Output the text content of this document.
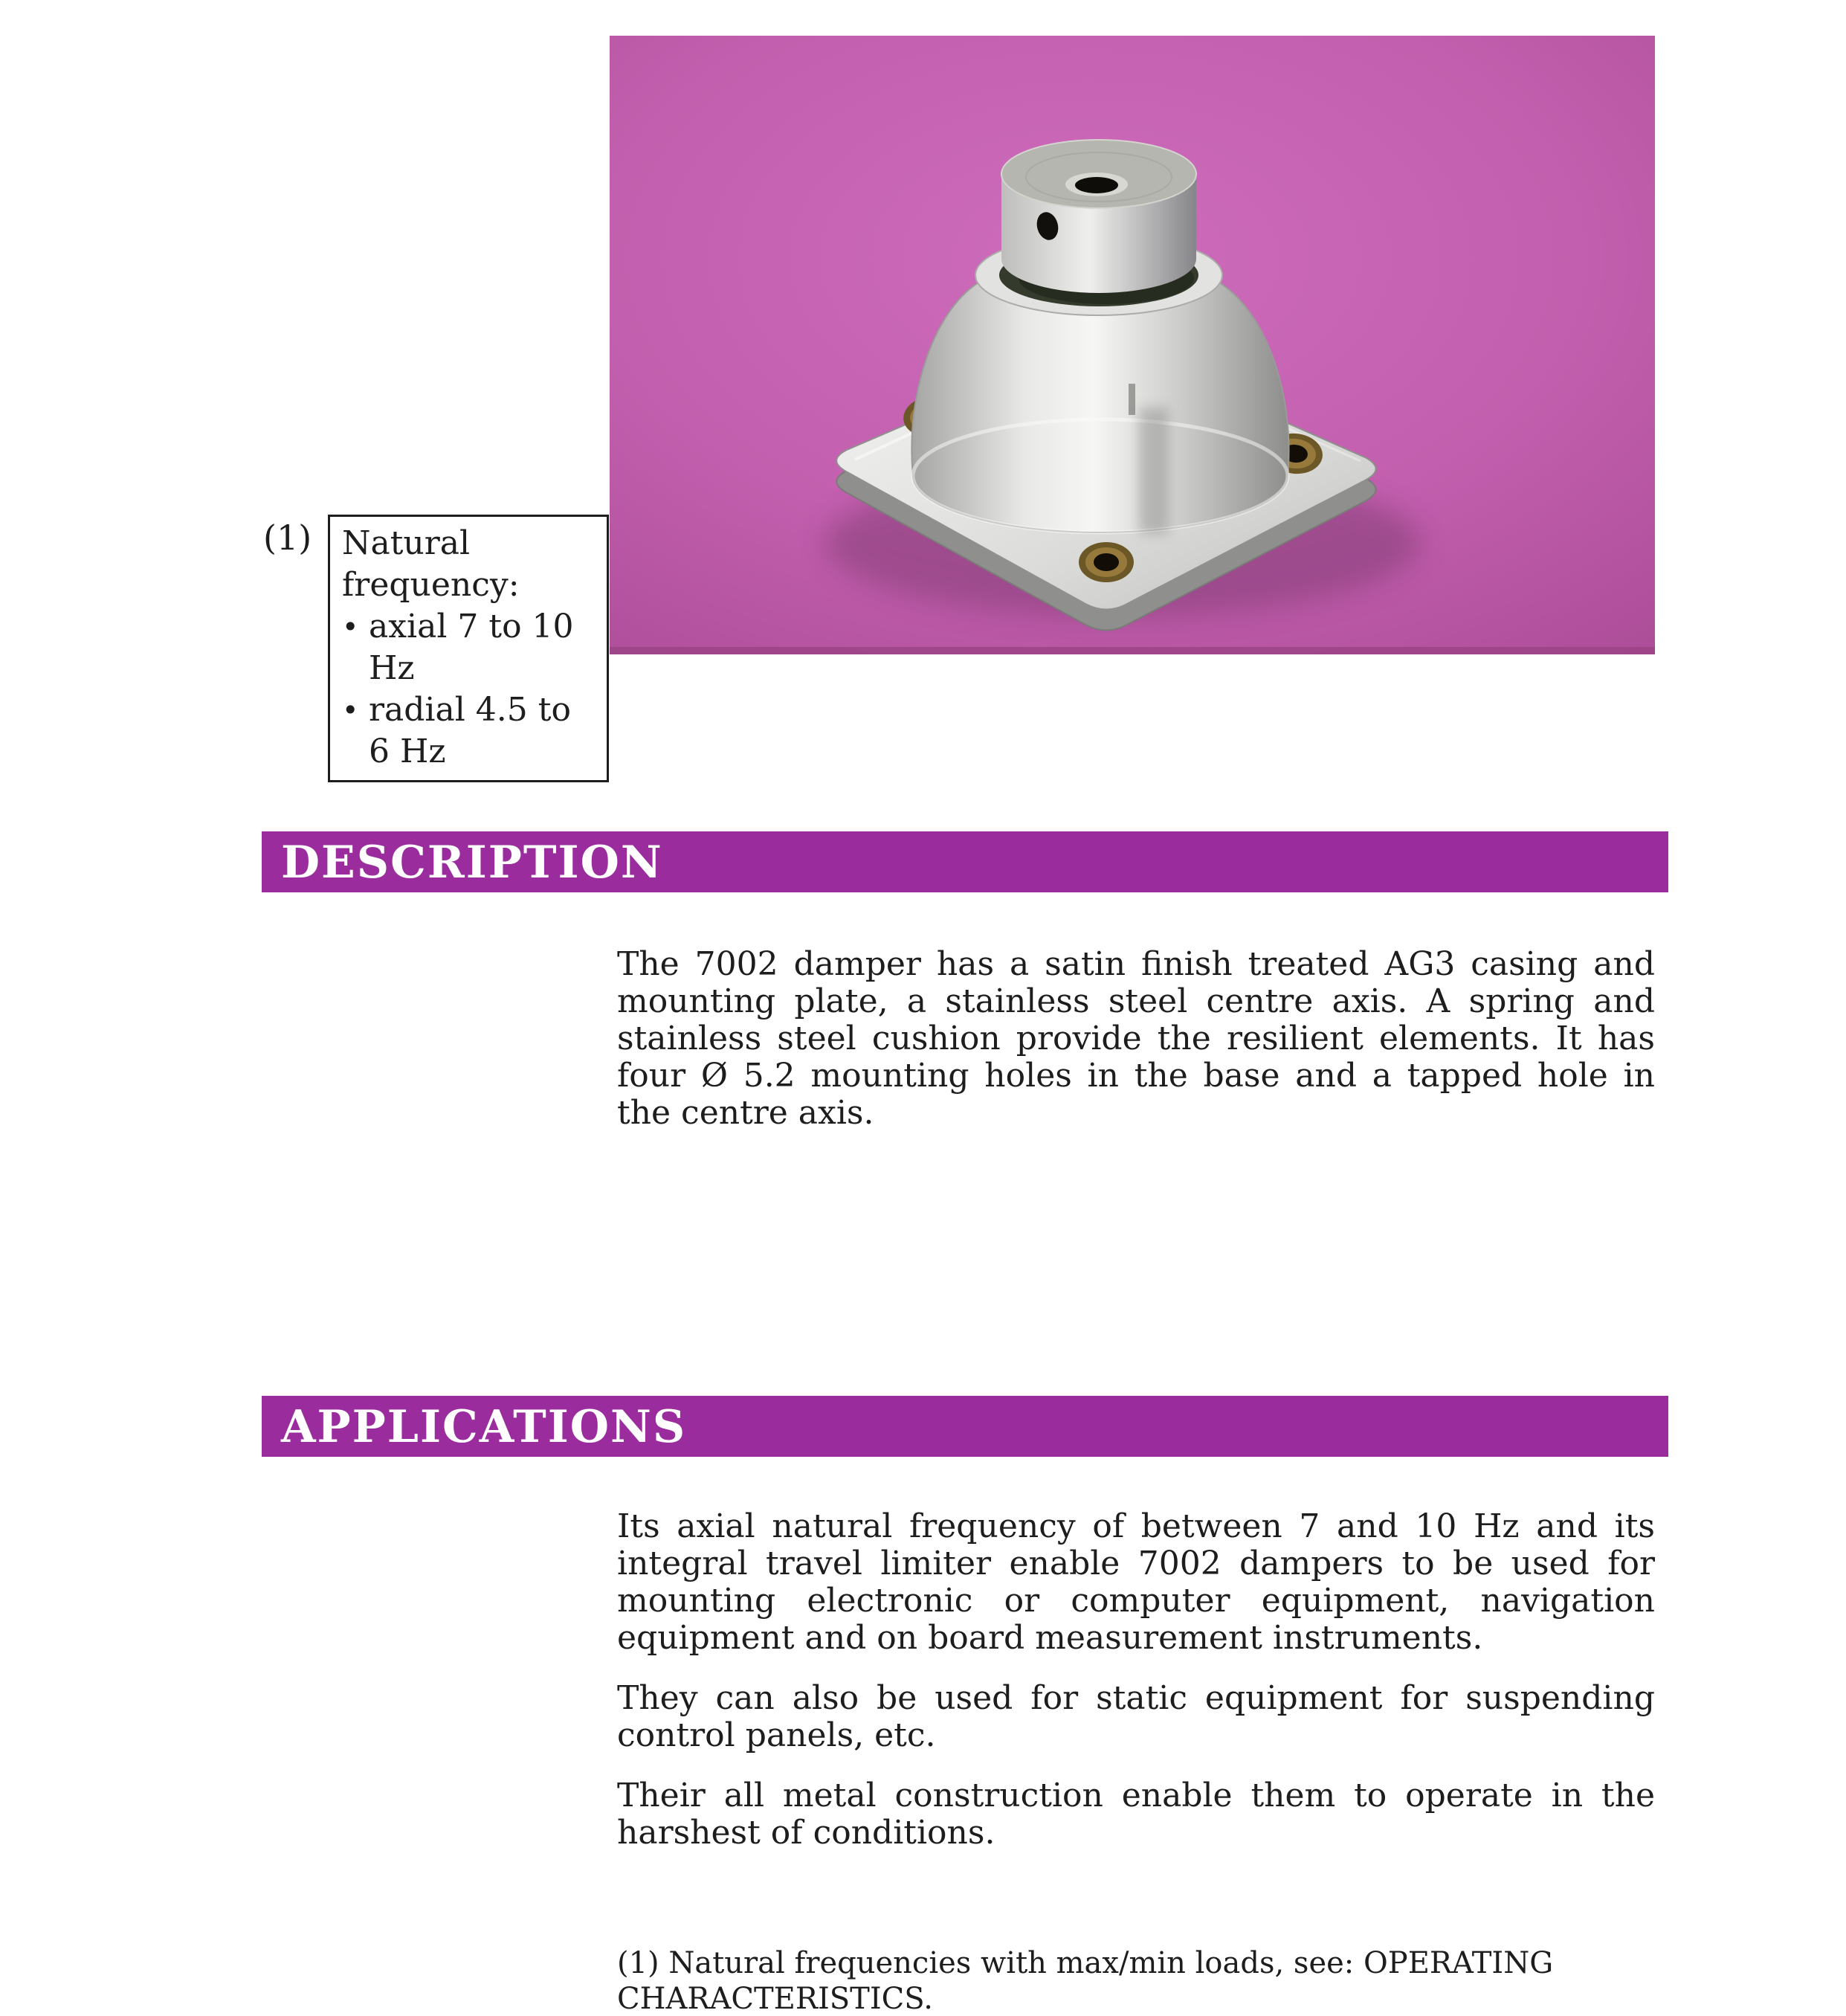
(1) Natural frequency:
• axial 7 to 10 Hz
• radial 4.5 to 6 Hz
DESCRIPTION

The 7002 damper has a satin finish treated AG3 casing and mounting plate, a stainless steel centre axis. A spring and stainless steel cushion provide the resilient elements. It has four Ø 5.2 mounting holes in the base and a tapped hole in the centre axis.

APPLICATIONS

Its axial natural frequency of between 7 and 10 Hz and its integral travel limiter enable 7002 dampers to be used for mounting electronic or computer equipment, navigation equipment and on board measurement instruments.

They can also be used for static equipment for suspending control panels, etc.

Their all metal construction enable them to operate in the harshest of conditions.

(1) Natural frequencies with max/min loads, see: OPERATING CHARACTERISTICS.
